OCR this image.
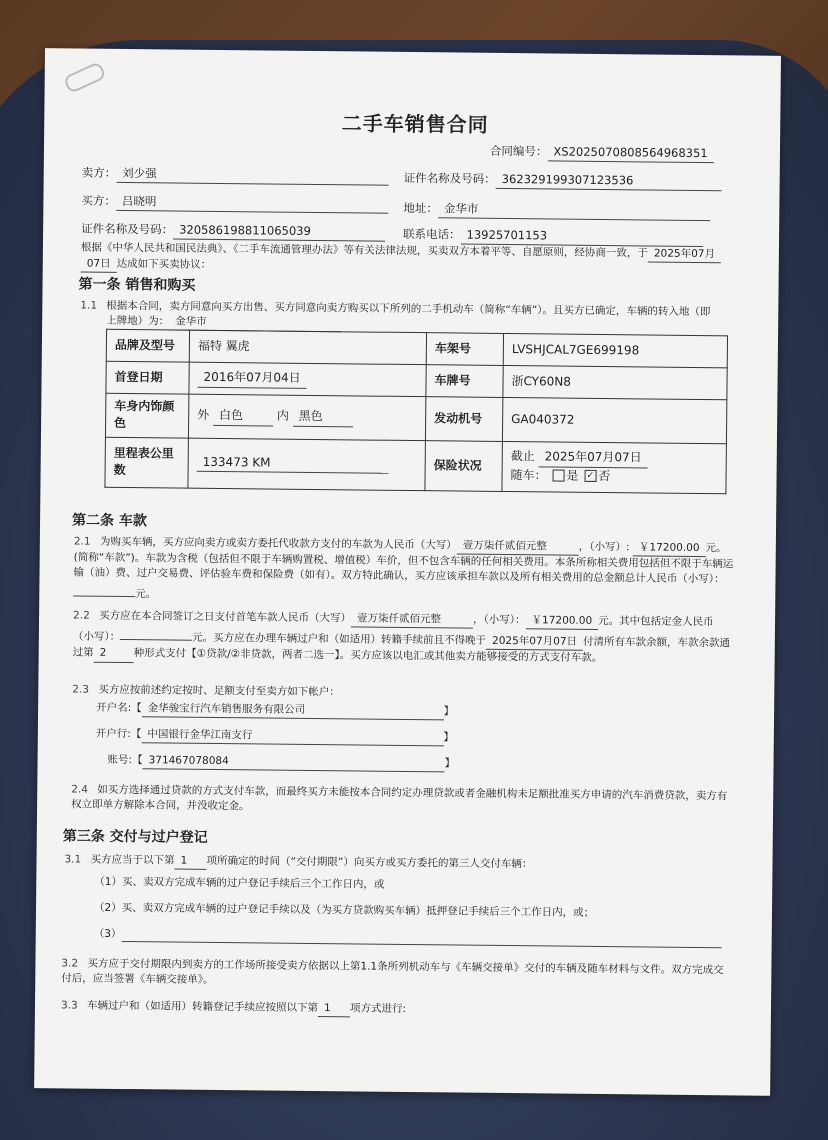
二手车销售合同
合同编号： XS2025070808564968351
卖方： 刘少强	证件名称及号码： 362329199307123536
买方： 吕晓明	地址： 金华市
证件名称及号码： 320586198811065039	联系电话： 13925701153
根据《中华人民共和国民法典》、《二手车流通管理办法》等有关法律法规，买卖双方本着平等、自愿原则，经协商一致，于 2025年07月
07日 达成如下买卖协议：
第一条 销售和购买
1.1 根据本合同，卖方同意向买方出售、买方同意向卖方购买以下所列的二手机动车（简称“车辆”）。且买方已确定，车辆的转入地（即
上牌地）为： 金华市
品牌及型号	福特 翼虎	车架号	LVSHJCAL7GE699198
首登日期	2016年07月04日	车牌号	浙CY60N8
车身内饰颜色	外 白色 内 黑色	发动机号	GA040372
里程表公里数	133473 KM	保险状况	截止 2025年07月07日
随车： 是 ✓ 否
第二条 车款
2.1 为购买车辆，买方应向卖方或卖方委托代收款方支付的车款为人民币（大写） 壹万柒仟贰佰元整	，（小写）: ￥17200.00 元。(简称“车款”)。车款为含税（包括但不限于车辆购置税、增值税）车价，但不包含车辆的任何相关费用。本条所称相关费用包括但不限于车辆运输（油）费、过户交易费、评估验车费和保险费（如有）。双方特此确认，买方应该承担车款以及所有相关费用的总金额总计人民币（小写）：元。
2.2 买方应在本合同签订之日支付首笔车款人民币（大写） 壹万柒仟贰佰元整	，（小写）： ￥17200.00 元。其中包括定金人民币（小写）：	元。买方应在办理车辆过户和（如适用）转籍手续前且不得晚于 2025年07月07日 付清所有车款余额，车款余款通过第 2	种形式支付【①贷款/②非贷款，两者二选一】。买方应该以电汇或其他卖方能够接受的方式支付车款。
2.3 买方应按前述约定按时、足额支付至卖方如下帐户：
开户名:【 金华骏宝行汽车销售服务有限公司	】
开户行:【 中国银行金华江南支行	】
账号:【 371467078084	】
2.4 如买方选择通过贷款的方式支付车款，而最终买方未能按本合同约定办理贷款或者金融机构未足额批准买方申请的汽车消费贷款，卖方有权立即单方解除本合同，并没收定金。
第三条 交付与过户登记
3.1 买方应当于以下第 1 项所确定的时间（“交付期限”）向买方或买方委托的第三人交付车辆：
（1）买、卖双方完成车辆的过户登记手续后三个工作日内，或
（2）买、卖双方完成车辆的过户登记手续以及（为买方贷款购买车辆）抵押登记手续后三个工作日内，或；
（3）
3.2 买方应于交付期限内到卖方的工作场所接受卖方依据以上第1.1条所列机动车与《车辆交接单》交付的车辆及随车材料与文件。双方完成交付后，应当签署《车辆交接单》。
3.3 车辆过户和（如适用）转籍登记手续应按照以下第 1 项方式进行:
